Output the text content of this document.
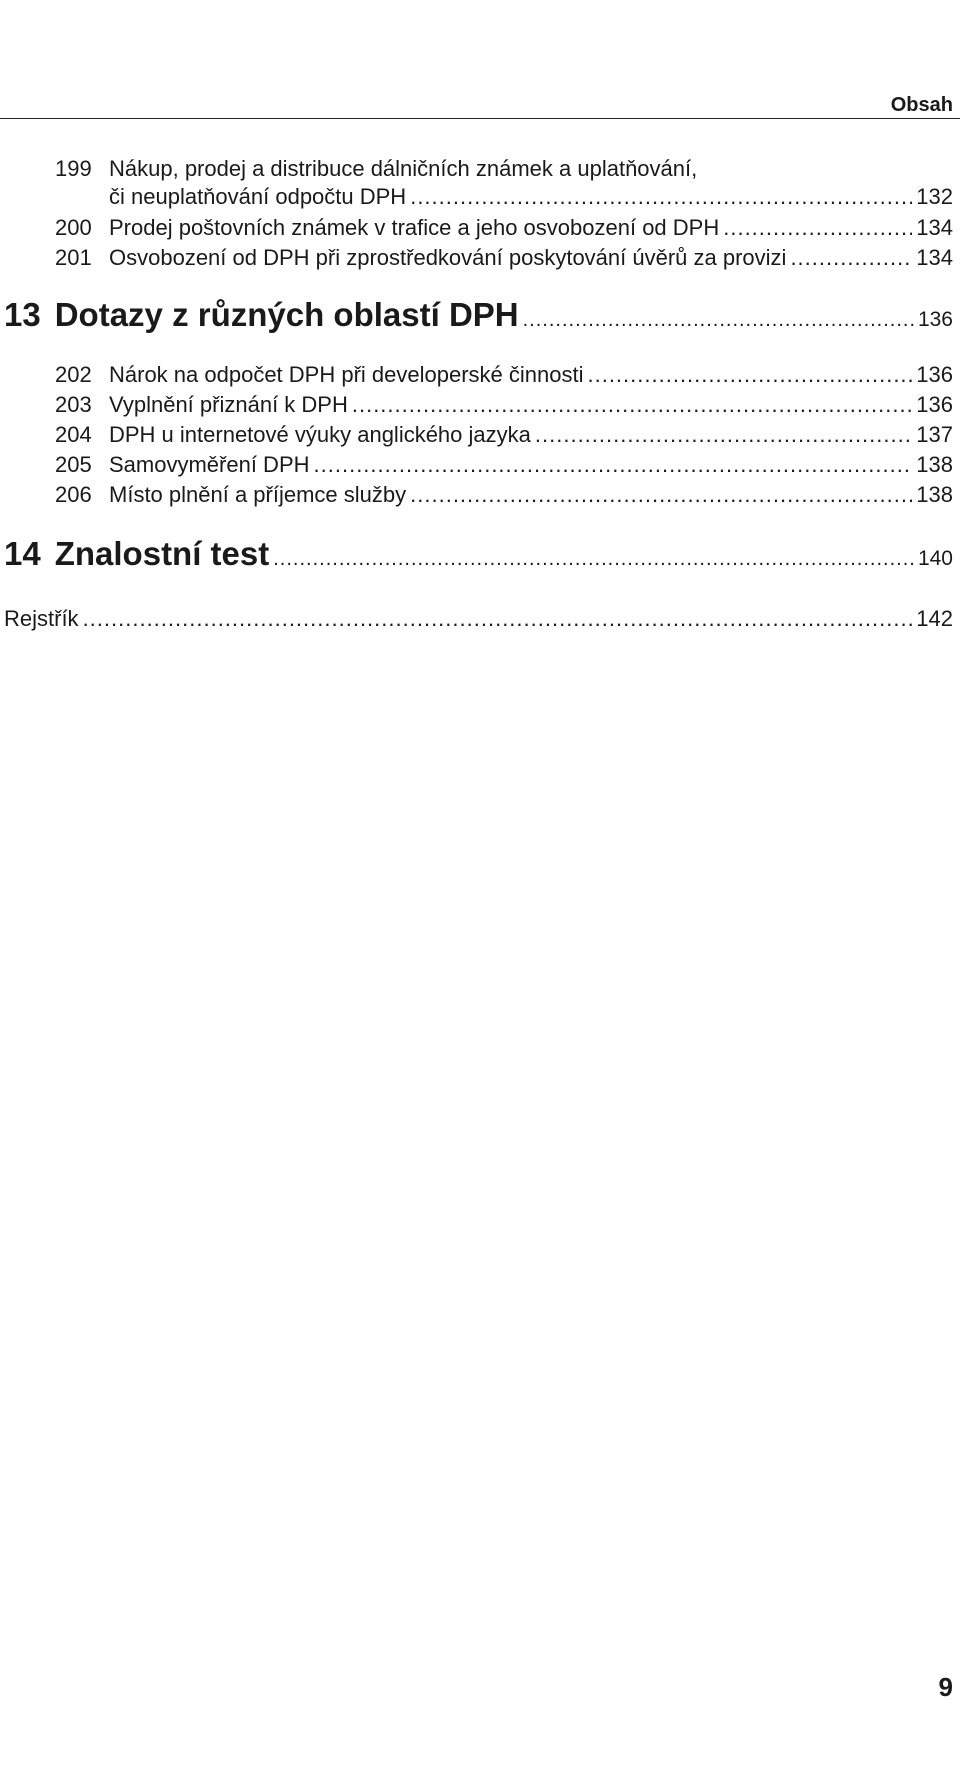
Obsah
199 Nákup, prodej a distribuce dálničních známek a uplatňování,
či neuplatňování odpočtu DPH .....	132
200 Prodej poštovních známek v trafice a jeho osvobození od DPH .....	134
201 Osvobození od DPH při zprostředkování poskytování úvěrů za provizi .....	134
13 Dotazy z různých oblastí DPH .....	136
202 Nárok na odpočet DPH při developerské činnosti .....	136
203 Vyplnění přiznání k DPH .....	136
204 DPH u internetové výuky anglického jazyka .....	137
205 Samovyměření DPH .....	138
206 Místo plnění a příjemce služby .....	138
14 Znalostní test .....	140
Rejstřík .....	142
9
